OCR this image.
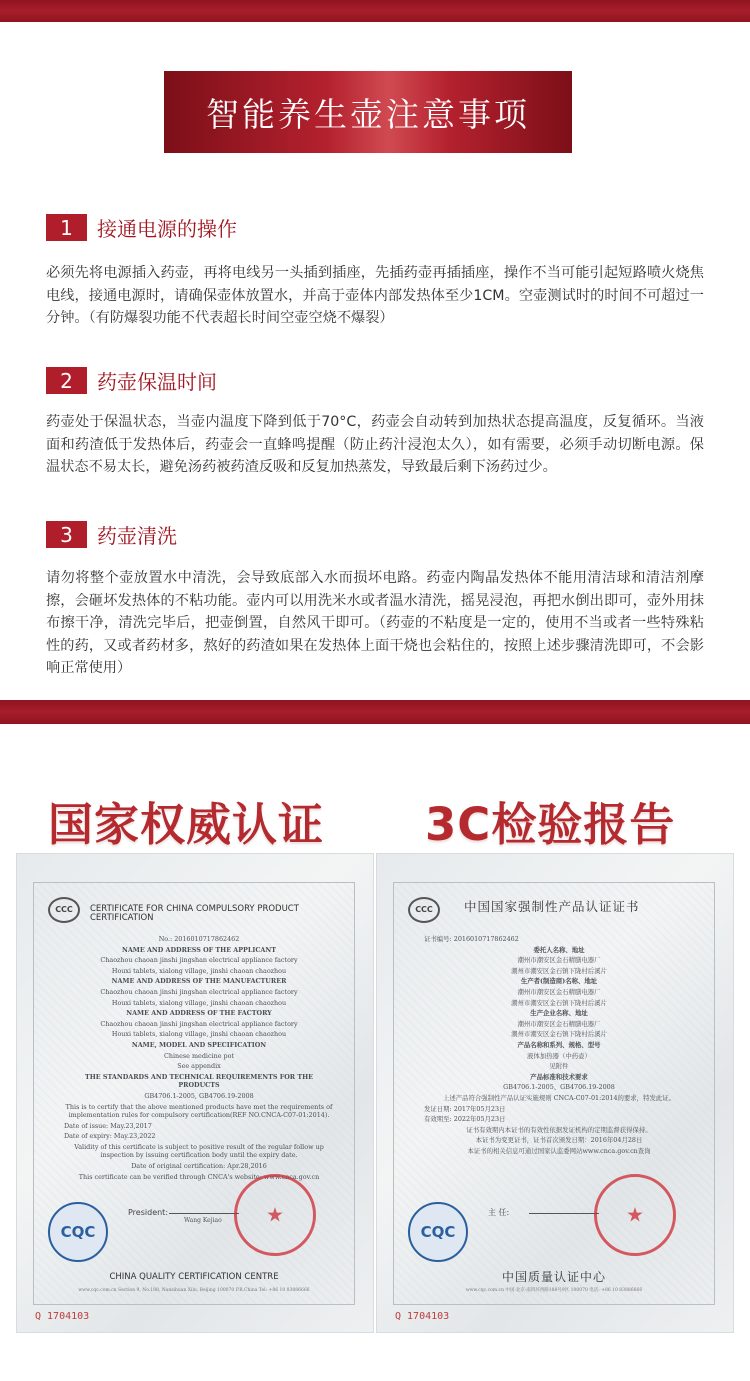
智能养生壶注意事项
1	接通电源的操作
必须先将电源插入药壶，再将电线另一头插到插座，先插药壶再插插座，操作不当可能引起短路喷火烧焦电线，接通电源时，请确保壶体放置水，并高于壶体内部发热体至少1CM。空壶测试时的时间不可超过一分钟。（有防爆裂功能不代表超长时间空壶空烧不爆裂）
2	药壶保温时间
药壶处于保温状态，当壶内温度下降到低于70°C，药壶会自动转到加热状态提高温度，反复循环。当液面和药渣低于发热体后，药壶会一直蜂鸣提醒（防止药汁浸泡太久），如有需要，必须手动切断电源。保温状态不易太长，避免汤药被药渣反吸和反复加热蒸发，导致最后剩下汤药过少。
3	药壶清洗
请勿将整个壶放置水中清洗，会导致底部入水而损坏电路。药壶内陶晶发热体不能用清洁球和清洁剂摩擦，会砸坏发热体的不粘功能。壶内可以用洗米水或者温水清洗，摇晃浸泡，再把水倒出即可，壶外用抹布擦干净，清洗完毕后，把壶倒置，自然风干即可。（药壶的不粘度是一定的，使用不当或者一些特殊粘性的药，又或者药材多，熬好的药渣如果在发热体上面干烧也会粘住的，按照上述步骤清洗即可，不会影响正常使用）
国家权威认证 3C检验报告
CCC	CERTIFICATE FOR CHINA COMPULSORY PRODUCT CERTIFICATION

No.: 2016010717862462

NAME AND ADDRESS OF THE APPLICANT

Chaozhou chaoan jinshi jingshan electrical appliance factory

Houxi tablets, xialong village, jinshi chaoan chaozhou

NAME AND ADDRESS OF THE MANUFACTURER

Chaozhou chaoan jinshi jingshan electrical appliance factory

Houxi tablets, xialong village, jinshi chaoan chaozhou

NAME AND ADDRESS OF THE FACTORY

Chaozhou chaoan jinshi jingshan electrical appliance factory

Houxi tablets, xialong village, jinshi chaoan chaozhou

NAME, MODEL AND SPECIFICATION

Chinese medicine pot

See appendix

THE STANDARDS AND TECHNICAL REQUIREMENTS FOR THE PRODUCTS

GB4706.1-2005, GB4706.19-2008

This is to certify that the above mentioned products have met the requirements of implementation rules for compulsory certification(REF NO.CNCA-C07-01:2014).

Date of issue: May.23,2017

Date of expiry: May.23,2022

Validity of this certificate is subject to positive result of the regular follow up inspection by issuing certification body until the expiry date.

Date of original certification: Apr.28,2016

This certificate can be verified through CNCA's website: www.cnca.gov.cn

CQC
President:
Wang Kejiao
CHINA QUALITY CERTIFICATION CENTRE
www.cqc.com.cn Section 9, No.188, Nansihuan Xilu, Beijing 100070 P.R.China Tel: +86 10 83886666
Q 1704103
CCC	中国国家强制性产品认证证书

证书编号: 2016010717862462

委托人名称、地址

潮州市潮安区金石精膳电器厂

潮州市潮安区金石镇下陇村后溪片

生产者(制造商)名称、地址

潮州市潮安区金石精膳电器厂

潮州市潮安区金石镇下陇村后溪片

生产企业名称、地址

潮州市潮安区金石精膳电器厂

潮州市潮安区金石镇下陇村后溪片

产品名称和系列、规格、型号

液体加热器（中药壶）

见附件

产品标准和技术要求

GB4706.1-2005、GB4706.19-2008

上述产品符合强制性产品认证实施规则 CNCA-C07-01:2014的要求，特发此证。

发证日期: 2017年05月23日

有效期至: 2022年05月23日

证书有效期内本证书的有效性依据发证机构的定期监督获得保持。

本证书为变更证书，证书首次颁发日期：2016年04月28日

本证书的相关信息可通过国家认监委网站www.cnca.gov.cn查询

CQC
主 任:
中国质量认证中心
www.cqc.com.cn 中国·北京·南四环西路188号9区 100070 电话: +86 10 83886666
Q 1704103
